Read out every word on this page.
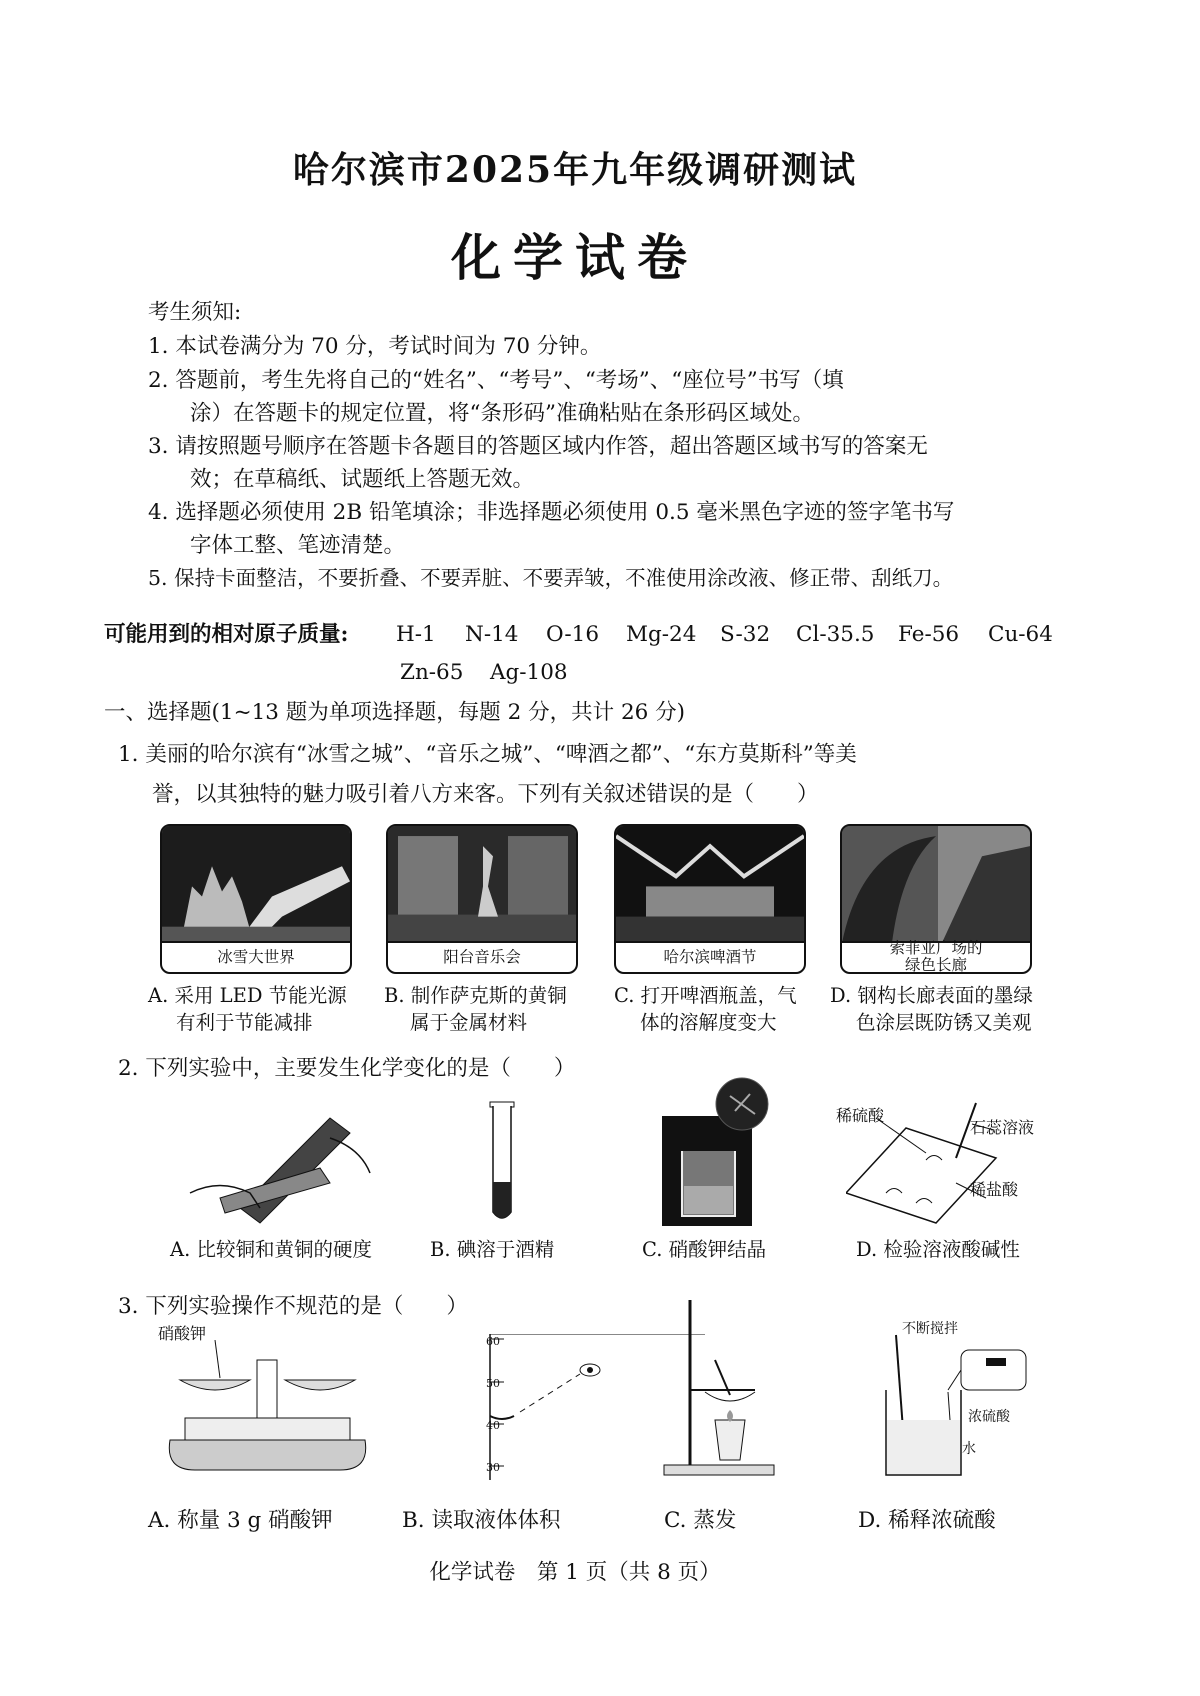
哈尔滨市2025年九年级调研测试
化学试卷
考生须知:
1. 本试卷满分为 70 分，考试时间为 70 分钟。
2. 答题前，考生先将自己的“姓名”、“考号”、“考场”、“座位号”书写（填
涂）在答题卡的规定位置，将“条形码”准确粘贴在条形码区域处。
3. 请按照题号顺序在答题卡各题目的答题区域内作答，超出答题区域书写的答案无
效；在草稿纸、试题纸上答题无效。
4. 选择题必须使用 2B 铅笔填涂；非选择题必须使用 0.5 毫米黑色字迹的签字笔书写
字体工整、笔迹清楚。
5. 保持卡面整洁，不要折叠、不要弄脏、不要弄皱，不准使用涂改液、修正带、刮纸刀。
可能用到的相对原子质量: H-1 N-14 O-16 Mg-24 S-32 Cl-35.5 Fe-56 Cu-64
Zn-65 Ag-108
一、选择题(1~13 题为单项选择题，每题 2 分，共计 26 分)
1. 美丽的哈尔滨有“冰雪之城”、“音乐之城”、“啤酒之都”、“东方莫斯科”等美
誉，以其独特的魅力吸引着八方来客。下列有关叙述错误的是（　　）
冰雪大世界	阳台音乐会	哈尔滨啤酒节	索菲亚广场的
绿色长廊
A. 采用 LED 节能光源
有利于节能减排
B. 制作萨克斯的黄铜
属于金属材料
C. 打开啤酒瓶盖，气
体的溶解度变大
D. 钢构长廊表面的墨绿
色涂层既防锈又美观
2. 下列实验中，主要发生化学变化的是（　　）
稀硫酸
石蕊溶液
稀盐酸
A. 比较铜和黄铜的硬度	B. 碘溶于酒精	C. 硝酸钾结晶	D. 检验溶液酸碱性
3. 下列实验操作不规范的是（　　）
硝酸钾	60
50
40
30
不断搅拌
浓硫酸
水
A. 称量 3 g 硝酸钾	B. 读取液体体积	C. 蒸发	D. 稀释浓硫酸
化学试卷　第 1 页（共 8 页）
